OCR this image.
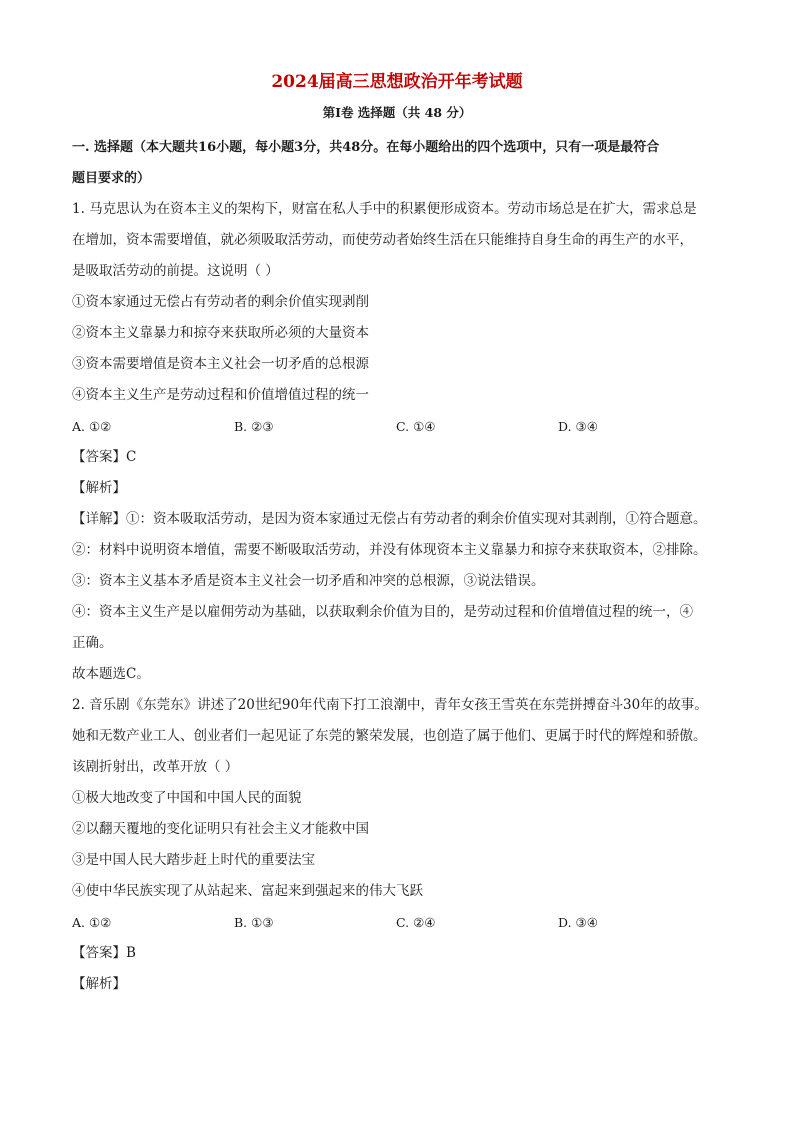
2024届高三思想政治开年考试题
第Ⅰ卷 选择题（共 48 分）
一. 选择题（本大题共16小题，每小题3分，共48分。在每小题给出的四个选项中，只有一项是最符合
题目要求的）

1. 马克思认为在资本主义的架构下，财富在私人手中的积累便形成资本。劳动市场总是在扩大，需求总是

在增加，资本需要增值，就必须吸取活劳动，而使劳动者始终生活在只能维持自身生命的再生产的水平，

是吸取活劳动的前提。这说明（ ）

①资本家通过无偿占有劳动者的剩余价值实现剥削

②资本主义靠暴力和掠夺来获取所必须的大量资本

③资本需要增值是资本主义社会一切矛盾的总根源

④资本主义生产是劳动过程和价值增值过程的统一

A. ①②	B. ②③	C. ①④	D. ③④

【答案】C

【解析】

【详解】①：资本吸取活劳动，是因为资本家通过无偿占有劳动者的剩余价值实现对其剥削，①符合题意。

②：材料中说明资本增值，需要不断吸取活劳动，并没有体现资本主义靠暴力和掠夺来获取资本，②排除。

③：资本主义基本矛盾是资本主义社会一切矛盾和冲突的总根源，③说法错误。

④：资本主义生产是以雇佣劳动为基础，以获取剩余价值为目的，是劳动过程和价值增值过程的统一，④

正确。

故本题选C。

2. 音乐剧《东莞东》讲述了20世纪90年代南下打工浪潮中，青年女孩王雪英在东莞拼搏奋斗30年的故事。

她和无数产业工人、创业者们一起见证了东莞的繁荣发展，也创造了属于他们、更属于时代的辉煌和骄傲。

该剧折射出，改革开放（ ）

①极大地改变了中国和中国人民的面貌

②以翻天覆地的变化证明只有社会主义才能救中国

③是中国人民大踏步赶上时代的重要法宝

④使中华民族实现了从站起来、富起来到强起来的伟大飞跃

A. ①②	B. ①③	C. ②④	D. ③④

【答案】B

【解析】
